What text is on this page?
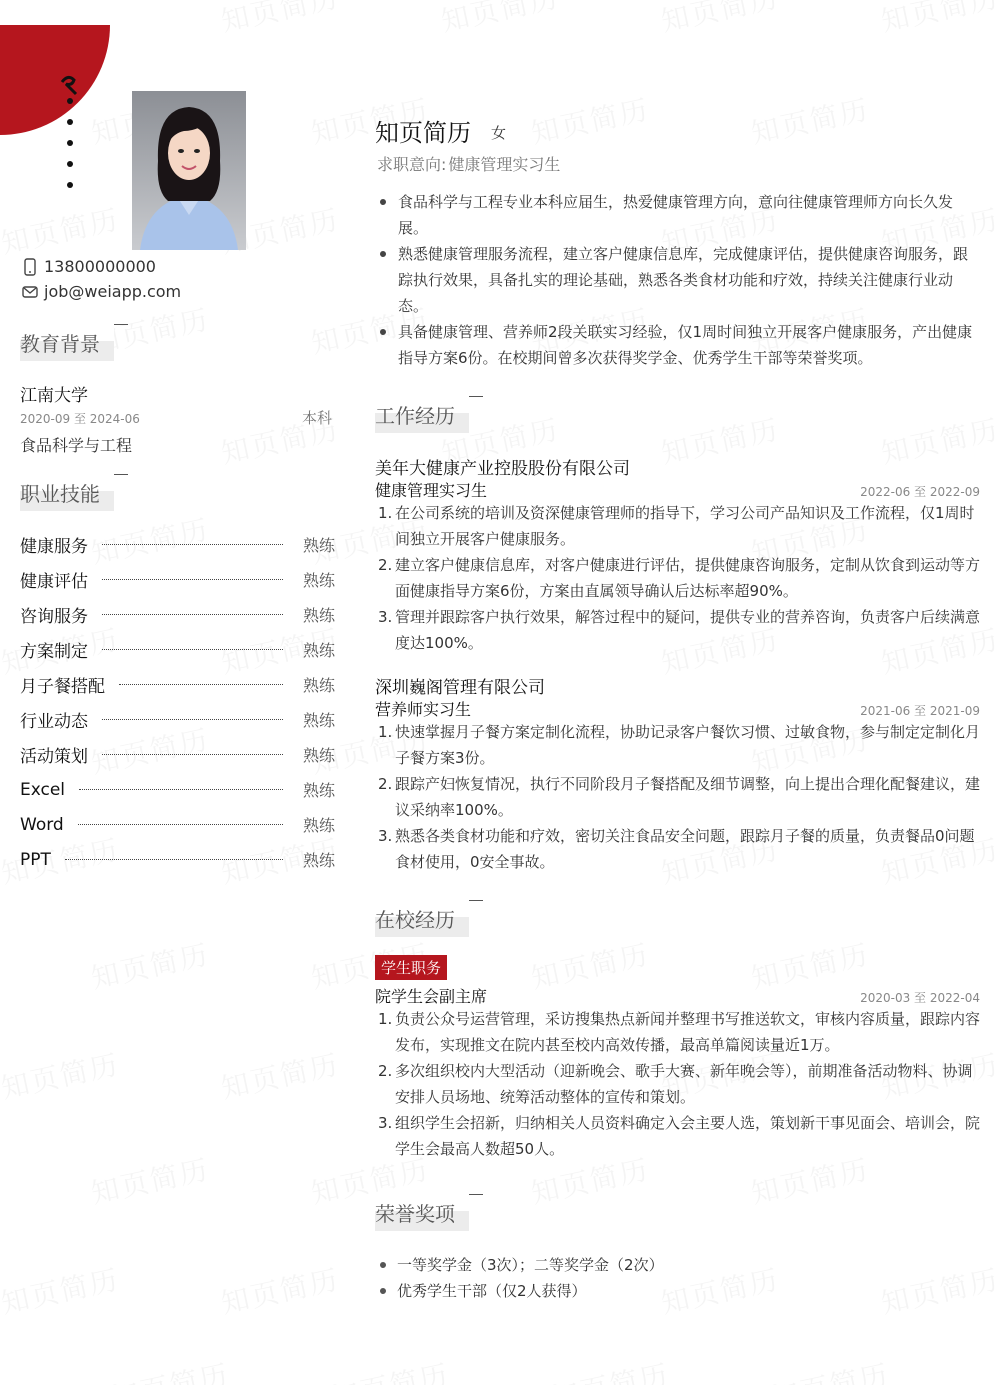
13800000000
job@weiapp.com
教育背景
江南大学
2020-09 至 2024-06	本科
食品科学与工程
职业技能
健康服务	熟练
健康评估	熟练
咨询服务	熟练
方案制定	熟练
月子餐搭配	熟练
行业动态	熟练
活动策划	熟练
Excel	熟练
Word	熟练
PPT	熟练
知页简历 女
求职意向: 健康管理实习生
食品科学与工程专业本科应届生，热爱健康管理方向，意向往健康管理师方向长久发展。
熟悉健康管理服务流程，建立客户健康信息库，完成健康评估，提供健康咨询服务，跟踪执行效果，具备扎实的理论基础，熟悉各类食材功能和疗效，持续关注健康行业动态。
具备健康管理、营养师2段关联实习经验，仅1周时间独立开展客户健康服务，产出健康指导方案6份。在校期间曾多次获得奖学金、优秀学生干部等荣誉奖项。
工作经历
美年大健康产业控股股份有限公司
健康管理实习生	2022-06 至 2022-09
1. 在公司系统的培训及资深健康管理师的指导下，学习公司产品知识及工作流程，仅1周时间独立开展客户健康服务。
2. 建立客户健康信息库，对客户健康进行评估，提供健康咨询服务，定制从饮食到运动等方面健康指导方案6份，方案由直属领导确认后达标率超90%。
3. 管理并跟踪客户执行效果，解答过程中的疑问，提供专业的营养咨询，负责客户后续满意度达100%。
深圳巍阁管理有限公司
营养师实习生	2021-06 至 2021-09
1. 快速掌握月子餐方案定制化流程，协助记录客户餐饮习惯、过敏食物，参与制定定制化月子餐方案3份。
2. 跟踪产妇恢复情况，执行不同阶段月子餐搭配及细节调整，向上提出合理化配餐建议，建议采纳率100%。
3. 熟悉各类食材功能和疗效，密切关注食品安全问题，跟踪月子餐的质量，负责餐品0问题食材使用，0安全事故。
在校经历
学生职务
院学生会副主席	2020-03 至 2022-04
1. 负责公众号运营管理，采访搜集热点新闻并整理书写推送软文，审核内容质量，跟踪内容发布，实现推文在院内甚至校内高效传播，最高单篇阅读量近1万。
2. 多次组织校内大型活动（迎新晚会、歌手大赛、新年晚会等），前期准备活动物料、协调安排人员场地、统筹活动整体的宣传和策划。
3. 组织学生会招新，归纳相关人员资料确定入会主要人选，策划新干事见面会、培训会，院学生会最高人数超50人。
荣誉奖项
一等奖学金（3次）；二等奖学金（2次）
优秀学生干部（仅2人获得）
